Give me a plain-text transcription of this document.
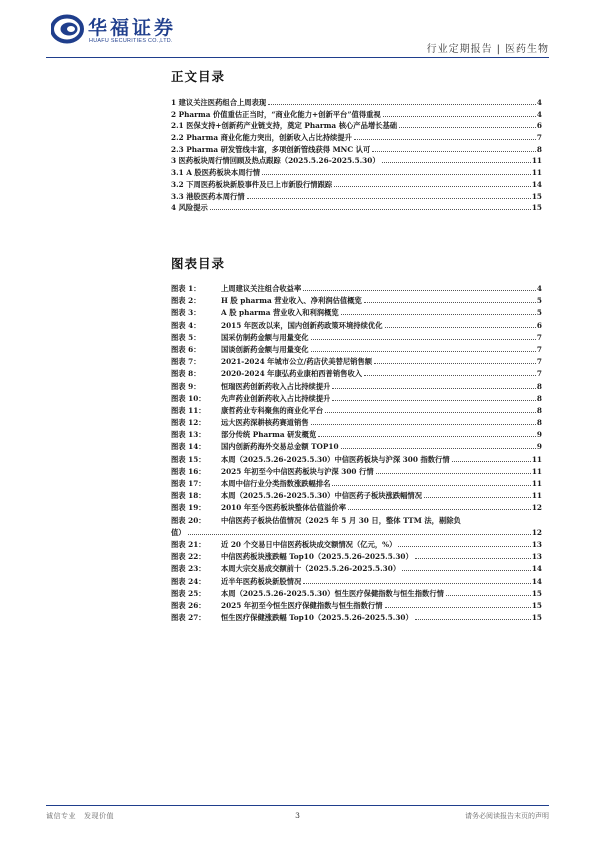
华福证券
HUAFU SECURITIES CO.,LTD.
行业定期报告 | 医药生物
正文目录
1 建议关注医药组合上周表现	4
2 Pharma 价值重估正当时，“商业化能力+创新平台”值得重视	4
2.1 医保支持+创新药产业链支持，奠定 Pharma 核心产品增长基础	6
2.2 Pharma 商业化能力突出，创新收入占比持续提升	7
2.3 Pharma 研发管线丰富，多项创新管线获得 MNC 认可	8
3 医药板块周行情回顾及热点跟踪（2025.5.26-2025.5.30）	11
3.1 A 股医药板块本周行情	11
3.2 下周医药板块新股事件及已上市新股行情跟踪	14
3.3 港股医药本周行情	15
4 风险提示	15
图表目录
图表 1：	上周建议关注组合收益率	4
图表 2：	H 股 pharma 营业收入、净利润估值概览	5
图表 3：	A 股 pharma 营业收入和利润概览	5
图表 4：	2015 年医改以来，国内创新药政策环境持续优化	6
图表 5：	国采仿制药金额与用量变化	7
图表 6：	国谈创新药金额与用量变化	7
图表 7：	2021-2024 年城市公立/药店伏美替尼销售额	7
图表 8：	2020-2024 年康弘药业康柏西普销售收入	7
图表 9：	恒瑞医药创新药收入占比持续提升	8
图表 10：	先声药业创新药收入占比持续提升	8
图表 11：	康哲药业专科聚焦的商业化平台	8
图表 12：	远大医药深耕核药赛道销售	8
图表 13：	部分传统 Pharma 研发概览	9
图表 14：	国内创新药海外交易总金额 TOP10	9
图表 15：	本周（2025.5.26-2025.5.30）中信医药板块与沪深 300 指数行情	11
图表 16：	2025 年初至今中信医药板块与沪深 300 行情	11
图表 17：	本周中信行业分类指数涨跌幅排名	11
图表 18：	本周（2025.5.26-2025.5.30）中信医药子板块涨跌幅情况	11
图表 19：	2010 年至今医药板块整体估值溢价率	12
图表 20：	中信医药子板块估值情况（2025 年 5 月 30 日，整体 TTM 法，剔除负
值）	12
图表 21：	近 20 个交易日中信医药板块成交额情况（亿元，%）	13
图表 22：	中信医药板块涨跌幅 Top10（2025.5.26-2025.5.30）	13
图表 23：	本周大宗交易成交额前十（2025.5.26-2025.5.30）	14
图表 24：	近半年医药板块新股情况	14
图表 25：	本周（2025.5.26-2025.5.30）恒生医疗保健指数与恒生指数行情	15
图表 26：	2025 年初至今恒生医疗保健指数与恒生指数行情	15
图表 27：	恒生医疗保健涨跌幅 Top10（2025.5.26-2025.5.30）	15
诚信专业 发现价值	3	请务必阅读报告末页的声明
